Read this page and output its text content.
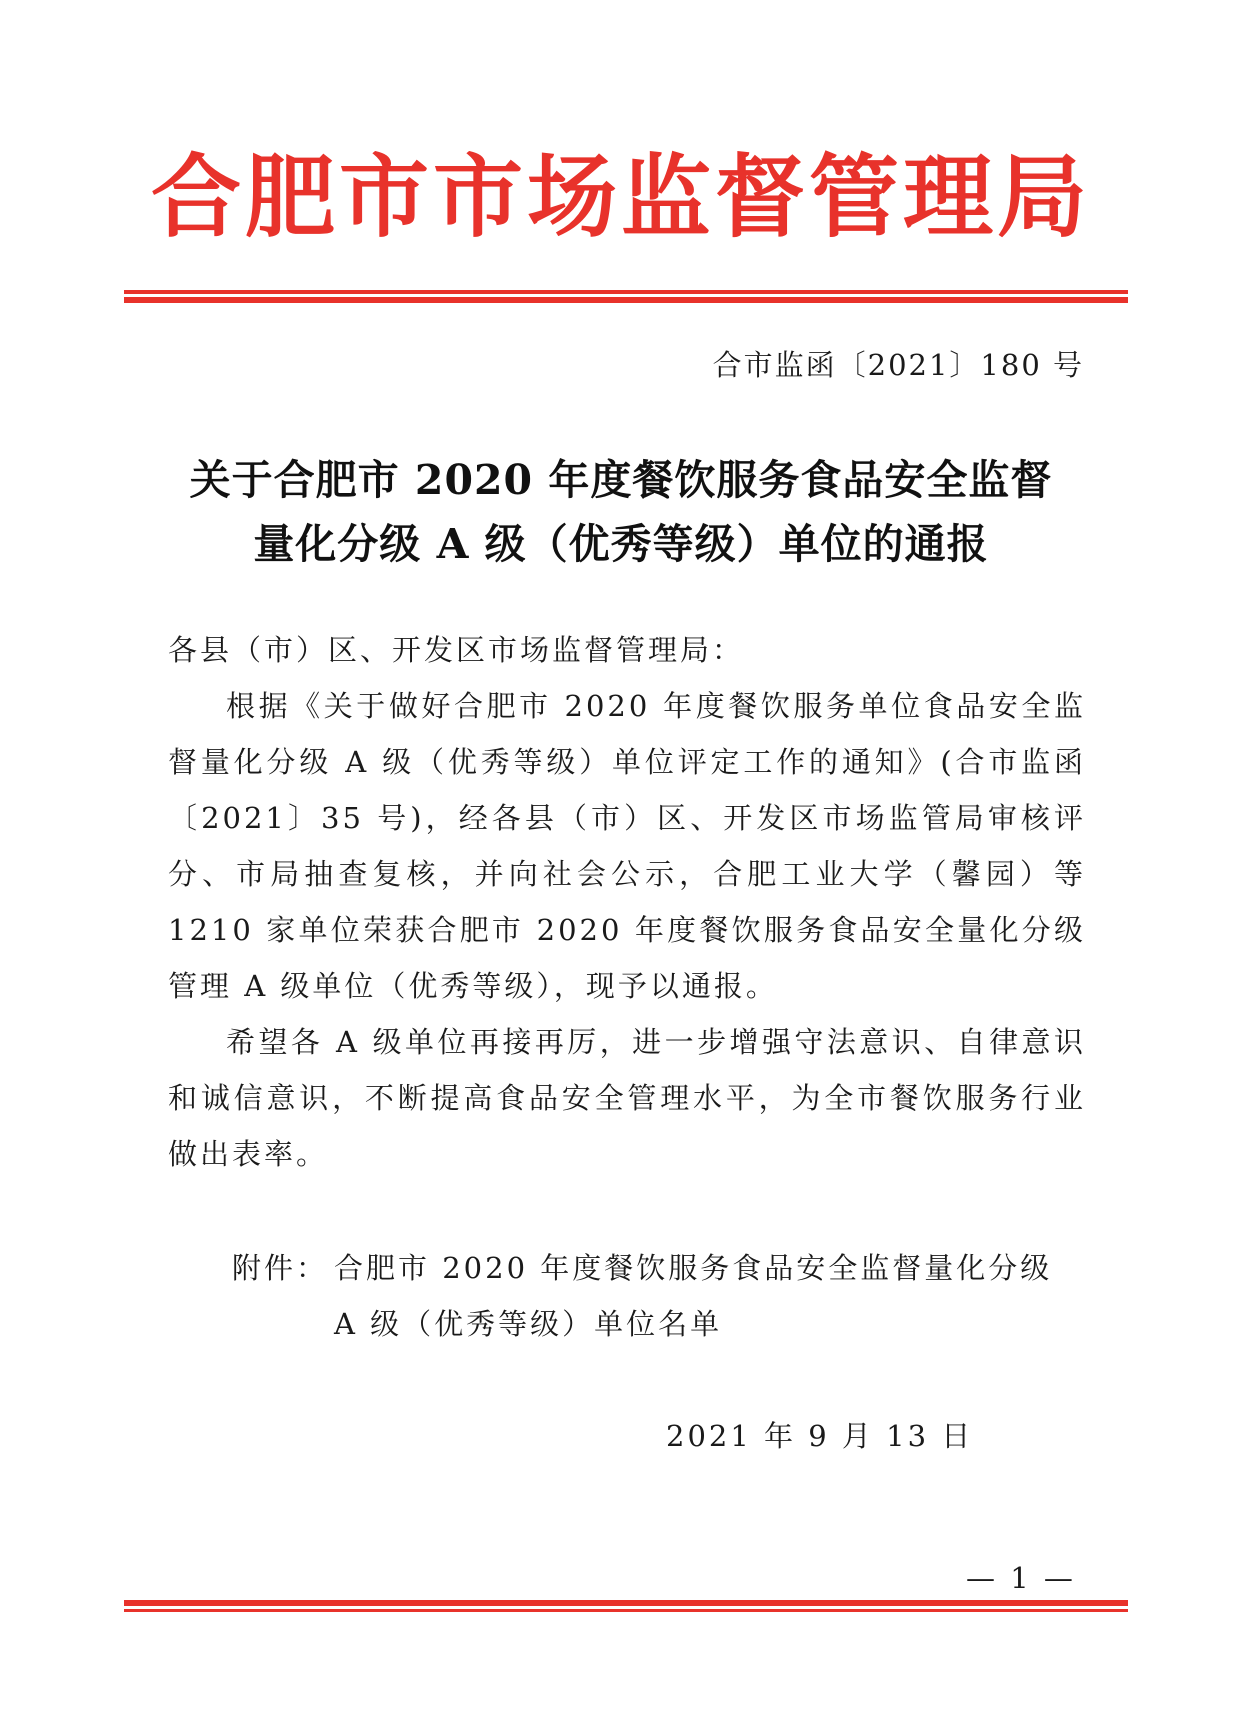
合肥市市场监督管理局
合市监函〔2021〕180 号
关于合肥市 2020 年度餐饮服务食品安全监督
量化分级 A 级（优秀等级）单位的通报

各县（市）区、开发区市场监督管理局：

根据《关于做好合肥市 2020 年度餐饮服务单位食品安全监督量化分级 A 级（优秀等级）单位评定工作的通知》(合市监函〔2021〕35 号)，经各县（市）区、开发区市场监管局审核评分、市局抽查复核，并向社会公示，合肥工业大学（馨园）等 1210 家单位荣获合肥市 2020 年度餐饮服务食品安全量化分级管理 A 级单位（优秀等级），现予以通报。

希望各 A 级单位再接再厉，进一步增强守法意识、自律意识和诚信意识，不断提高食品安全管理水平，为全市餐饮服务行业做出表率。

附件： 合肥市 2020 年度餐饮服务食品安全监督量化分级
A 级（优秀等级）单位名单
2021 年 9 月 13 日
— 1 —
